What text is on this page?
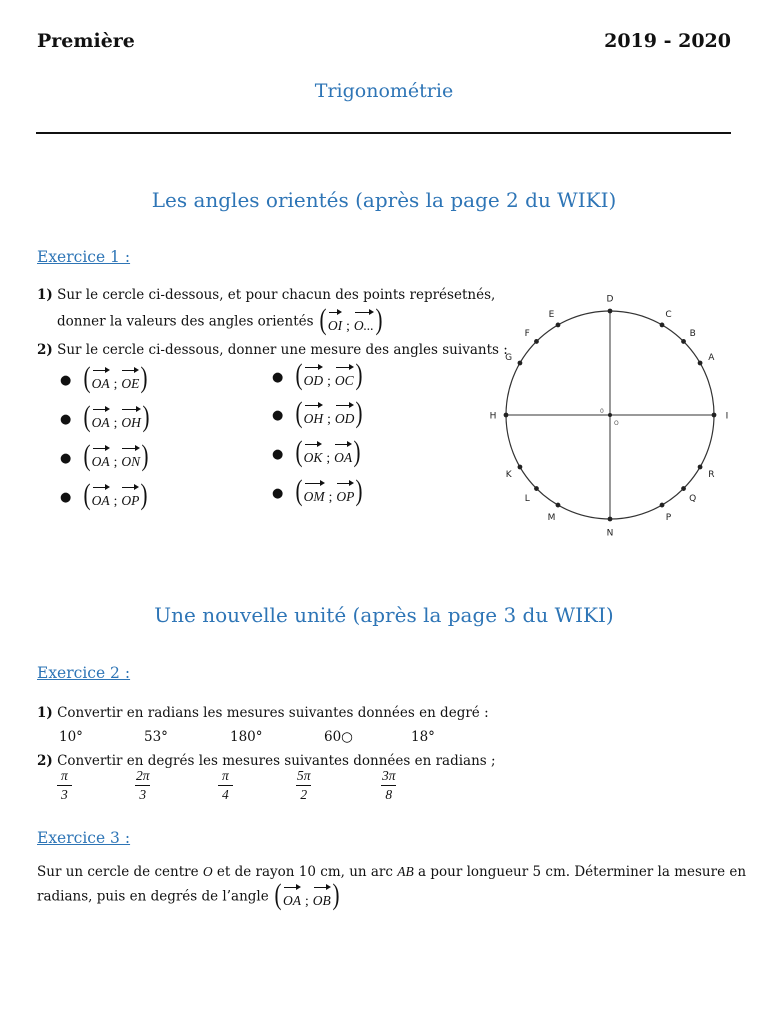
Première	2019 - 2020
Trigonométrie
Les angles orientés (après la page 2 du WIKI)
Exercice 1 :
1) Sur le cercle ci-dessous, et pour chacun des points représetnés,
donner la valeurs des angles orientés ( OI ; O... )
2) Sur le cercle ci-dessous, donner une mesure des angles suivants :
● ( OA ; OE )
● ( OA ; OH )
● ( OA ; ON )
● ( OA ; OP )
● ( OD ; OC )
● ( OH ; OD )
● ( OK ; OA )
● ( OM ; OP )
0
O
D
C
B
A
I
R
Q
P
N
M
L
K
H
G
F
E
Une nouvelle unité (après la page 3 du WIKI)
Exercice 2 :
1) Convertir en radians les mesures suivantes données en degré :
10°	53°	180°	60○	18°
2) Convertir en degrés les mesures suivantes données en radians ;
$\frac{\pi}{3}$	$\frac{2\pi}{3}$	$\frac{\pi}{4}$	$\frac{5\pi}{2}$	$\frac{3\pi}{8}$
Exercice 3 :
Sur un cercle de centre O et de rayon 10 cm, un arc AB a pour longueur 5 cm. Déterminer la mesure en
radians, puis en degrés de l’angle ( OA ; OB )
